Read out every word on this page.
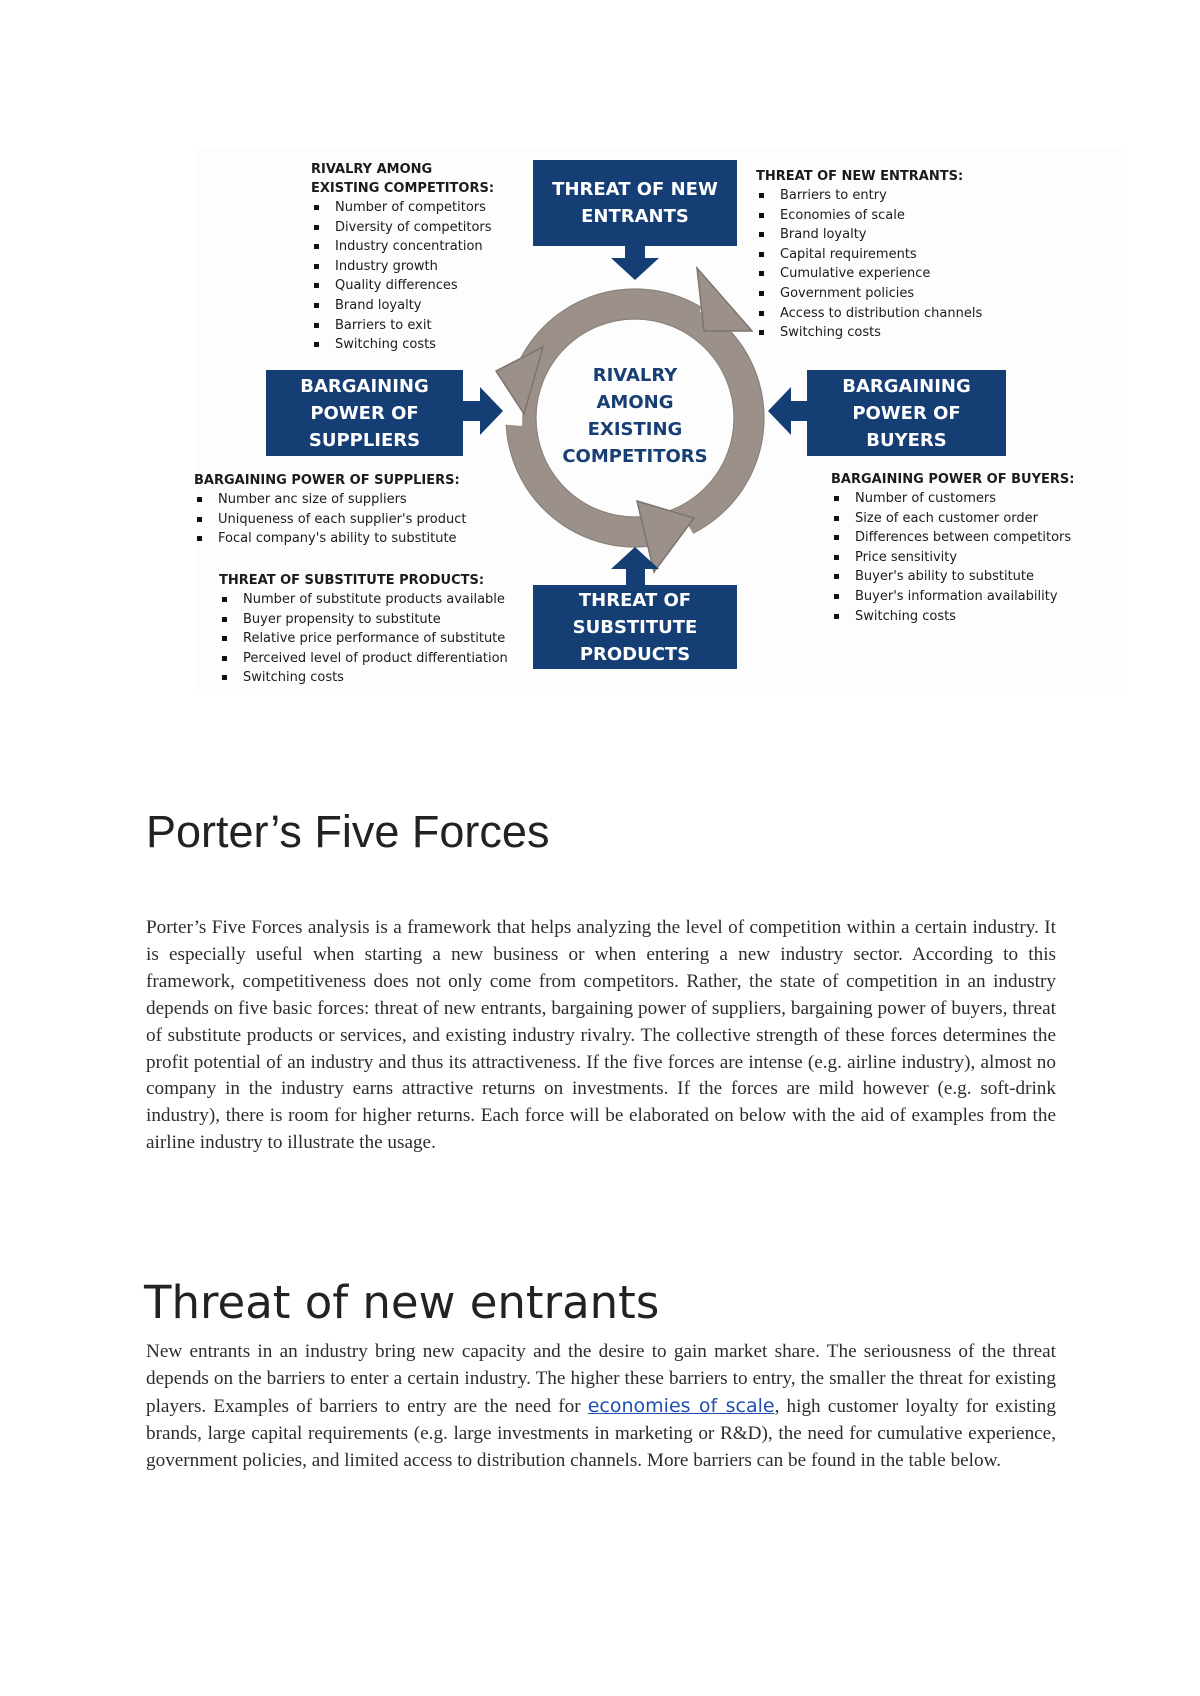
THREAT OF NEW
ENTRANTS
BARGAINING
POWER OF
SUPPLIERS
BARGAINING
POWER OF
BUYERS
THREAT OF
SUBSTITUTE
PRODUCTS
RIVALRY
AMONG
EXISTING
COMPETITORS
RIVALRY AMONG
EXISTING COMPETITORS:
Number of competitors
Diversity of competitors
Industry concentration
Industry growth
Quality differences
Brand loyalty
Barriers to exit
Switching costs
THREAT OF NEW ENTRANTS:
Barriers to entry
Economies of scale
Brand loyalty
Capital requirements
Cumulative experience
Government policies
Access to distribution channels
Switching costs
BARGAINING POWER OF SUPPLIERS:
Number anc size of suppliers
Uniqueness of each supplier's product
Focal company's ability to substitute
THREAT OF SUBSTITUTE PRODUCTS:
Number of substitute products available
Buyer propensity to substitute
Relative price performance of substitute
Perceived level of product differentiation
Switching costs
BARGAINING POWER OF BUYERS:
Number of customers
Size of each customer order
Differences between competitors
Price sensitivity
Buyer's ability to substitute
Buyer's information availability
Switching costs
Porter’s Five Forces

Porter’s Five Forces analysis is a framework that helps analyzing the level of competition within a certain industry. It is especially useful when starting a new business or when entering a new industry sector. According to this framework, competitiveness does not only come from competitors. Rather, the state of competition in an industry depends on five basic forces: threat of new entrants, bargaining power of suppliers, bargaining power of buyers, threat of substitute products or services, and existing industry rivalry. The collective strength of these forces determines the profit potential of an industry and thus its attractiveness. If the five forces are intense (e.g. airline industry), almost no company in the industry earns attractive returns on investments. If the forces are mild however (e.g. soft-drink industry), there is room for higher returns. Each force will be elaborated on below with the aid of examples from the airline industry to illustrate the usage.

Threat of new entrants

New entrants in an industry bring new capacity and the desire to gain market share. The seriousness of the threat depends on the barriers to enter a certain industry. The higher these barriers to entry, the smaller the threat for existing players. Examples of barriers to entry are the need for economies of scale, high customer loyalty for existing brands, large capital requirements (e.g. large investments in marketing or R&D), the need for cumulative experience, government policies, and limited access to distribution channels. More barriers can be found in the table below.
